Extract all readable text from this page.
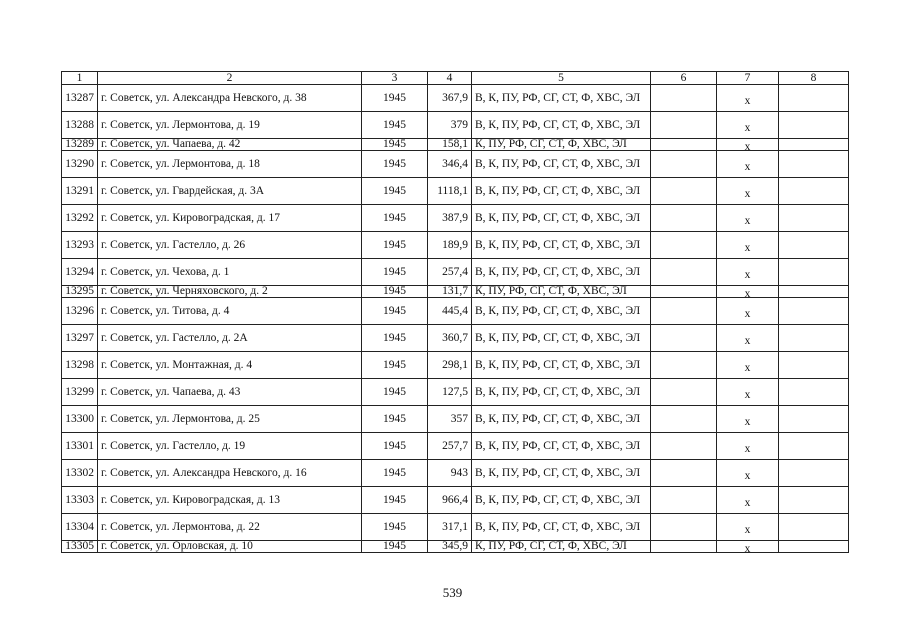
1	2	3	4	5	6	7	8
13287	г. Советск, ул. Александра Невского, д. 38	1945	367,9	В, К, ПУ, РФ, СГ, СТ, Ф, ХВС, ЭЛ		х	
13288	г. Советск, ул. Лермонтова, д. 19	1945	379	В, К, ПУ, РФ, СГ, СТ, Ф, ХВС, ЭЛ		х	
13289	г. Советск, ул. Чапаева, д. 42	1945	158,1	К, ПУ, РФ, СГ, СТ, Ф, ХВС, ЭЛ		х	
13290	г. Советск, ул. Лермонтова, д. 18	1945	346,4	В, К, ПУ, РФ, СГ, СТ, Ф, ХВС, ЭЛ		х	
13291	г. Советск, ул. Гвардейская, д. 3А	1945	1118,1	В, К, ПУ, РФ, СГ, СТ, Ф, ХВС, ЭЛ		х	
13292	г. Советск, ул. Кировоградская, д. 17	1945	387,9	В, К, ПУ, РФ, СГ, СТ, Ф, ХВС, ЭЛ		х	
13293	г. Советск, ул. Гастелло, д. 26	1945	189,9	В, К, ПУ, РФ, СГ, СТ, Ф, ХВС, ЭЛ		х	
13294	г. Советск, ул. Чехова, д. 1	1945	257,4	В, К, ПУ, РФ, СГ, СТ, Ф, ХВС, ЭЛ		х	
13295	г. Советск, ул. Черняховского, д. 2	1945	131,7	К, ПУ, РФ, СГ, СТ, Ф, ХВС, ЭЛ		х	
13296	г. Советск, ул. Титова, д. 4	1945	445,4	В, К, ПУ, РФ, СГ, СТ, Ф, ХВС, ЭЛ		х	
13297	г. Советск, ул. Гастелло, д. 2А	1945	360,7	В, К, ПУ, РФ, СГ, СТ, Ф, ХВС, ЭЛ		х	
13298	г. Советск, ул. Монтажная, д. 4	1945	298,1	В, К, ПУ, РФ, СГ, СТ, Ф, ХВС, ЭЛ		х	
13299	г. Советск, ул. Чапаева, д. 43	1945	127,5	В, К, ПУ, РФ, СГ, СТ, Ф, ХВС, ЭЛ		х	
13300	г. Советск, ул. Лермонтова, д. 25	1945	357	В, К, ПУ, РФ, СГ, СТ, Ф, ХВС, ЭЛ		х	
13301	г. Советск, ул. Гастелло, д. 19	1945	257,7	В, К, ПУ, РФ, СГ, СТ, Ф, ХВС, ЭЛ		х	
13302	г. Советск, ул. Александра Невского, д. 16	1945	943	В, К, ПУ, РФ, СГ, СТ, Ф, ХВС, ЭЛ		х	
13303	г. Советск, ул. Кировоградская, д. 13	1945	966,4	В, К, ПУ, РФ, СГ, СТ, Ф, ХВС, ЭЛ		х	
13304	г. Советск, ул. Лермонтова, д. 22	1945	317,1	В, К, ПУ, РФ, СГ, СТ, Ф, ХВС, ЭЛ		х	
13305	г. Советск, ул. Орловская, д. 10	1945	345,9	К, ПУ, РФ, СГ, СТ, Ф, ХВС, ЭЛ		х	
539
